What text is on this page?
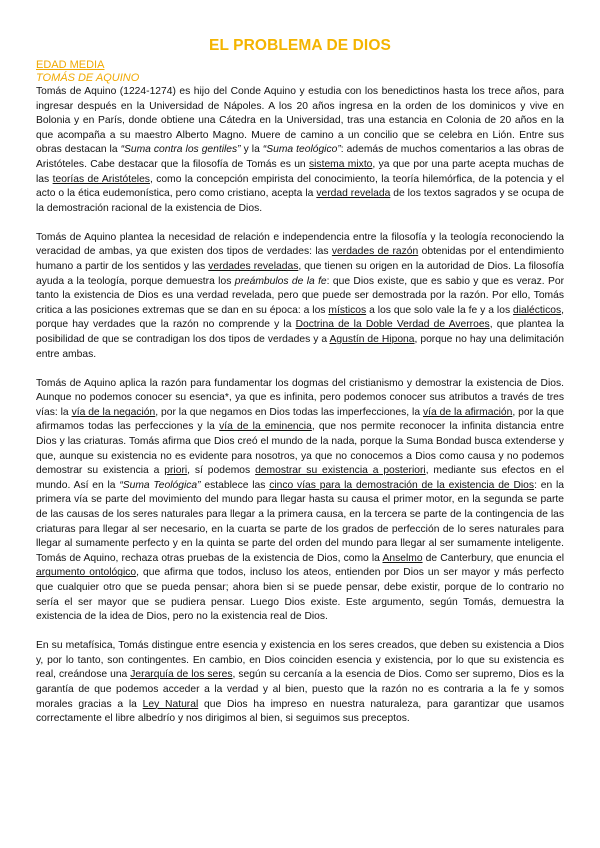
EL PROBLEMA DE DIOS
EDAD MEDIA
TOMÁS DE AQUINO

Tomás de Aquino (1224-1274) es hijo del Conde Aquino y estudia con los benedictinos hasta los trece años, para ingresar después en la Universidad de Nápoles. A los 20 años ingresa en la orden de los dominicos y vive en Bolonia y en París, donde obtiene una Cátedra en la Universidad, tras una estancia en Colonia de 20 años en la que acompaña a su maestro Alberto Magno. Muere de camino a un concilio que se celebra en Lión. Entre sus obras destacan la “Suma contra los gentiles” y la “Suma teológico”: además de muchos comentarios a las obras de Aristóteles. Cabe destacar que la filosofía de Tomás es un sistema mixto, ya que por una parte acepta muchas de las teorías de Aristóteles, como la concepción empirista del conocimiento, la teoría hilemórfica, de la potencia y el acto o la ética eudemonística, pero como cristiano, acepta la verdad revelada de los textos sagrados y se ocupa de la demostración racional de la existencia de Dios.

Tomás de Aquino plantea la necesidad de relación e independencia entre la filosofía y la teología reconociendo la veracidad de ambas, ya que existen dos tipos de verdades: las verdades de razón obtenidas por el entendimiento humano a partir de los sentidos y las verdades reveladas, que tienen su origen en la autoridad de Dios. La filosofía ayuda a la teología, porque demuestra los preámbulos de la fe: que Dios existe, que es sabio y que es veraz. Por tanto la existencia de Dios es una verdad revelada, pero que puede ser demostrada por la razón. Por ello, Tomás critica a las posiciones extremas que se dan en su época: a los místicos a los que solo vale la fe y a los dialécticos, porque hay verdades que la razón no comprende y la Doctrina de la Doble Verdad de Averroes, que plantea la posibilidad de que se contradigan los dos tipos de verdades y a Agustín de Hipona, porque no hay una delimitación entre ambas.

Tomás de Aquino aplica la razón para fundamentar los dogmas del cristianismo y demostrar la existencia de Dios. Aunque no podemos conocer su esencia*, ya que es infinita, pero podemos conocer sus atributos a través de tres vías: la vía de la negación, por la que negamos en Dios todas las imperfecciones, la vía de la afirmación, por la que afirmamos todas las perfecciones y la vía de la eminencia, que nos permite reconocer la infinita distancia entre Dios y las criaturas. Tomás afirma que Dios creó el mundo de la nada, porque la Suma Bondad busca extenderse y que, aunque su existencia no es evidente para nosotros, ya que no conocemos a Dios como causa y no podemos demostrar su existencia a priori, sí podemos demostrar su existencia a posteriori, mediante sus efectos en el mundo. Así en la “Suma Teológica” establece las cinco vías para la demostración de la existencia de Dios: en la primera vía se parte del movimiento del mundo para llegar hasta su causa el primer motor, en la segunda se parte de las causas de los seres naturales para llegar a la primera causa, en la tercera se parte de la contingencia de las criaturas para llegar al ser necesario, en la cuarta se parte de los grados de perfección de lo seres naturales para llegar al sumamente perfecto y en la quinta se parte del orden del mundo para llegar al ser sumamente inteligente. Tomás de Aquino, rechaza otras pruebas de la existencia de Dios, como la Anselmo de Canterbury, que enuncia el argumento ontológico, que afirma que todos, incluso los ateos, entienden por Dios un ser mayor y más perfecto que cualquier otro que se pueda pensar; ahora bien si se puede pensar, debe existir, porque de lo contrario no sería el ser mayor que se pudiera pensar. Luego Dios existe. Este argumento, según Tomás, demuestra la existencia de la idea de Dios, pero no la existencia real de Dios.

En su metafísica, Tomás distingue entre esencia y existencia en los seres creados, que deben su existencia a Dios y, por lo tanto, son contingentes. En cambio, en Dios coinciden esencia y existencia, por lo que su existencia es real, creándose una Jerarquía de los seres, según su cercanía a la esencia de Dios. Como ser supremo, Dios es la garantía de que podemos acceder a la verdad y al bien, puesto que la razón no es contraria a la fe y somos morales gracias a la Ley Natural que Dios ha impreso en nuestra naturaleza, para garantizar que usamos correctamente el libre albedrío y nos dirigimos al bien, si seguimos sus preceptos.
